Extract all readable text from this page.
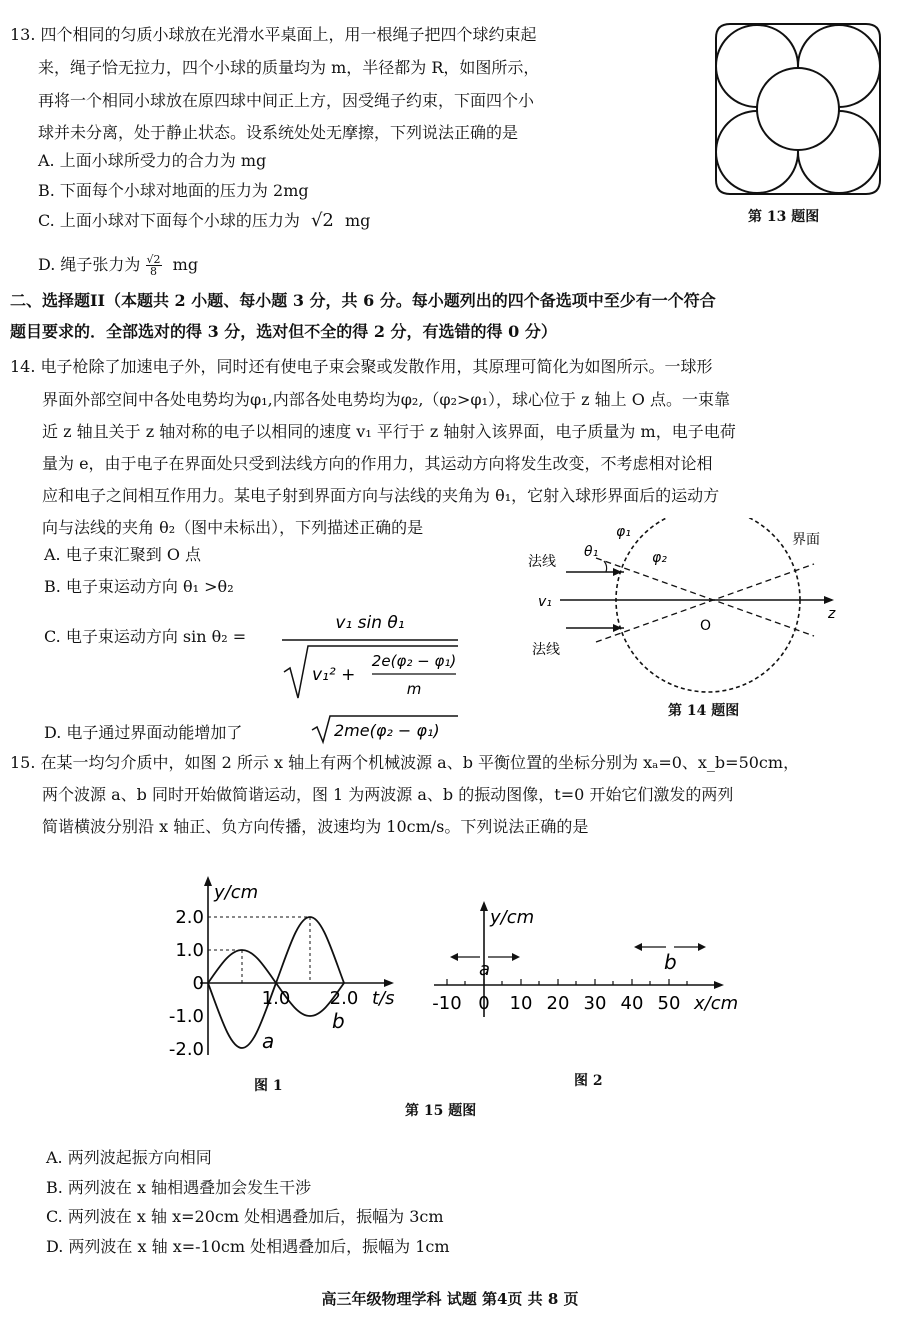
13. 四个相同的匀质小球放在光滑水平桌面上，用一根绳子把四个球约束起
来，绳子恰无拉力，四个小球的质量均为 m，半径都为 R，如图所示，
再将一个相同小球放在原四球中间正上方，因受绳子约束，下面四个小
球并未分离，处于静止状态。设系统处处无摩擦，下列说法正确的是
A. 上面小球所受力的合力为 mg
B. 下面每个小球对地面的压力为 2mg
C. 上面小球对下面每个小球的压力为 √2 mg
D. 绳子张力为 $\frac{√2}{8}$ mg
第 13 题图
二、选择题II（本题共 2 小题、每小题 3 分，共 6 分。每小题列出的四个备选项中至少有一个符合
题目要求的．全部选对的得 3 分，选对但不全的得 2 分，有选错的得 0 分）
14. 电子枪除了加速电子外，同时还有使电子束会聚或发散作用，其原理可简化为如图所示。一球形
界面外部空间中各处电势均为φ₁,内部各处电势均为φ₂,（φ₂>φ₁），球心位于 z 轴上 O 点。一束靠
近 z 轴且关于 z 轴对称的电子以相同的速度 v₁ 平行于 z 轴射入该界面，电子质量为 m，电子电荷
量为 e，由于电子在界面处只受到法线方向的作用力，其运动方向将发生改变，不考虑相对论相
应和电子之间相互作用力。某电子射到界面方向与法线的夹角为 θ₁，它射入球形界面后的运动方
向与法线的夹角 θ₂（图中未标出），下列描述正确的是
A. 电子束汇聚到 O 点
B. 电子束运动方向 θ₁ >θ₂
C. 电子束运动方向 sin θ₂ =
v₁ sin θ₁
v₁² +
2e(φ₂ − φ₁)
m
D. 电子通过界面动能增加了	2me(φ₂ − φ₁)
法线
θ₁
φ₁
φ₂
界面
v₁
O
z
法线
第 14 题图
15. 在某一均匀介质中，如图 2 所示 x 轴上有两个机械波源 a、b 平衡位置的坐标分别为 xₐ=0、x_b=50cm，
两个波源 a、b 同时开始做简谐运动，图 1 为两波源 a、b 的振动图像，t=0 开始它们激发的两列
简谐横波分别沿 x 轴正、负方向传播，波速均为 10cm/s。下列说法正确的是
y/cm
2.0
1.0
0
-1.0
-2.0
1.0 2.0 t/s
a
b
图 1
y/cm
a	b
-10 0 10 20 30 40 50 x/cm
图 2
第 15 题图
A. 两列波起振方向相同
B. 两列波在 x 轴相遇叠加会发生干涉
C. 两列波在 x 轴 x=20cm 处相遇叠加后，振幅为 3cm
D. 两列波在 x 轴 x=-10cm 处相遇叠加后，振幅为 1cm
高三年级物理学科 试题 第4页 共 8 页
